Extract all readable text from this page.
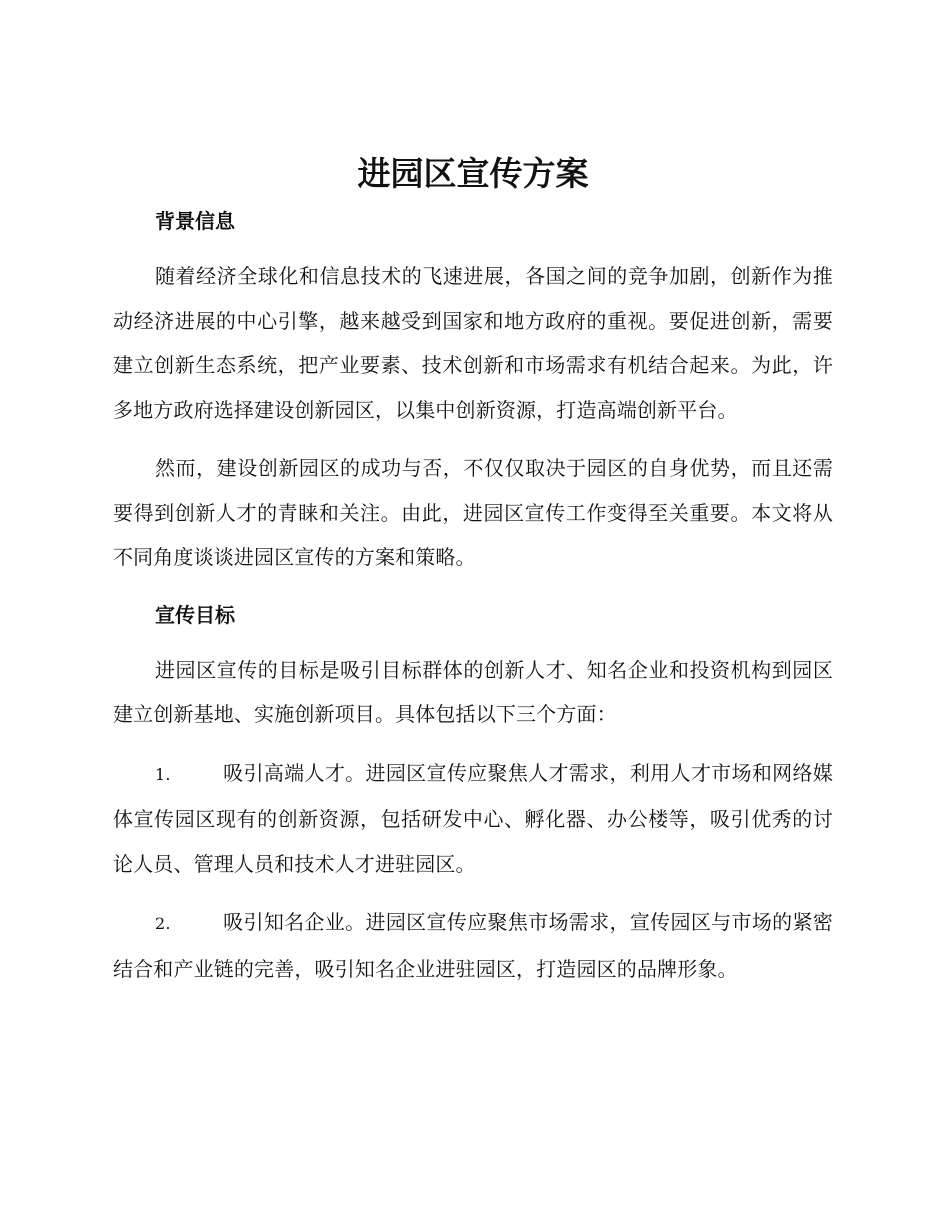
进园区宣传方案
背景信息

随着经济全球化和信息技术的飞速进展，各国之间的竞争加剧，创新作为推动经济进展的中心引擎，越来越受到国家和地方政府的重视。要促进创新，需要建立创新生态系统，把产业要素、技术创新和市场需求有机结合起来。为此，许多地方政府选择建设创新园区，以集中创新资源，打造高端创新平台。

然而，建设创新园区的成功与否，不仅仅取决于园区的自身优势，而且还需要得到创新人才的青睐和关注。由此，进园区宣传工作变得至关重要。本文将从不同角度谈谈进园区宣传的方案和策略。

宣传目标

进园区宣传的目标是吸引目标群体的创新人才、知名企业和投资机构到园区建立创新基地、实施创新项目。具体包括以下三个方面：

1.	吸引高端人才。进园区宣传应聚焦人才需求，利用人才市场和网络媒体宣传园区现有的创新资源，包括研发中心、孵化器、办公楼等，吸引优秀的讨论人员、管理人员和技术人才进驻园区。

2.	吸引知名企业。进园区宣传应聚焦市场需求，宣传园区与市场的紧密结合和产业链的完善，吸引知名企业进驻园区，打造园区的品牌形象。
